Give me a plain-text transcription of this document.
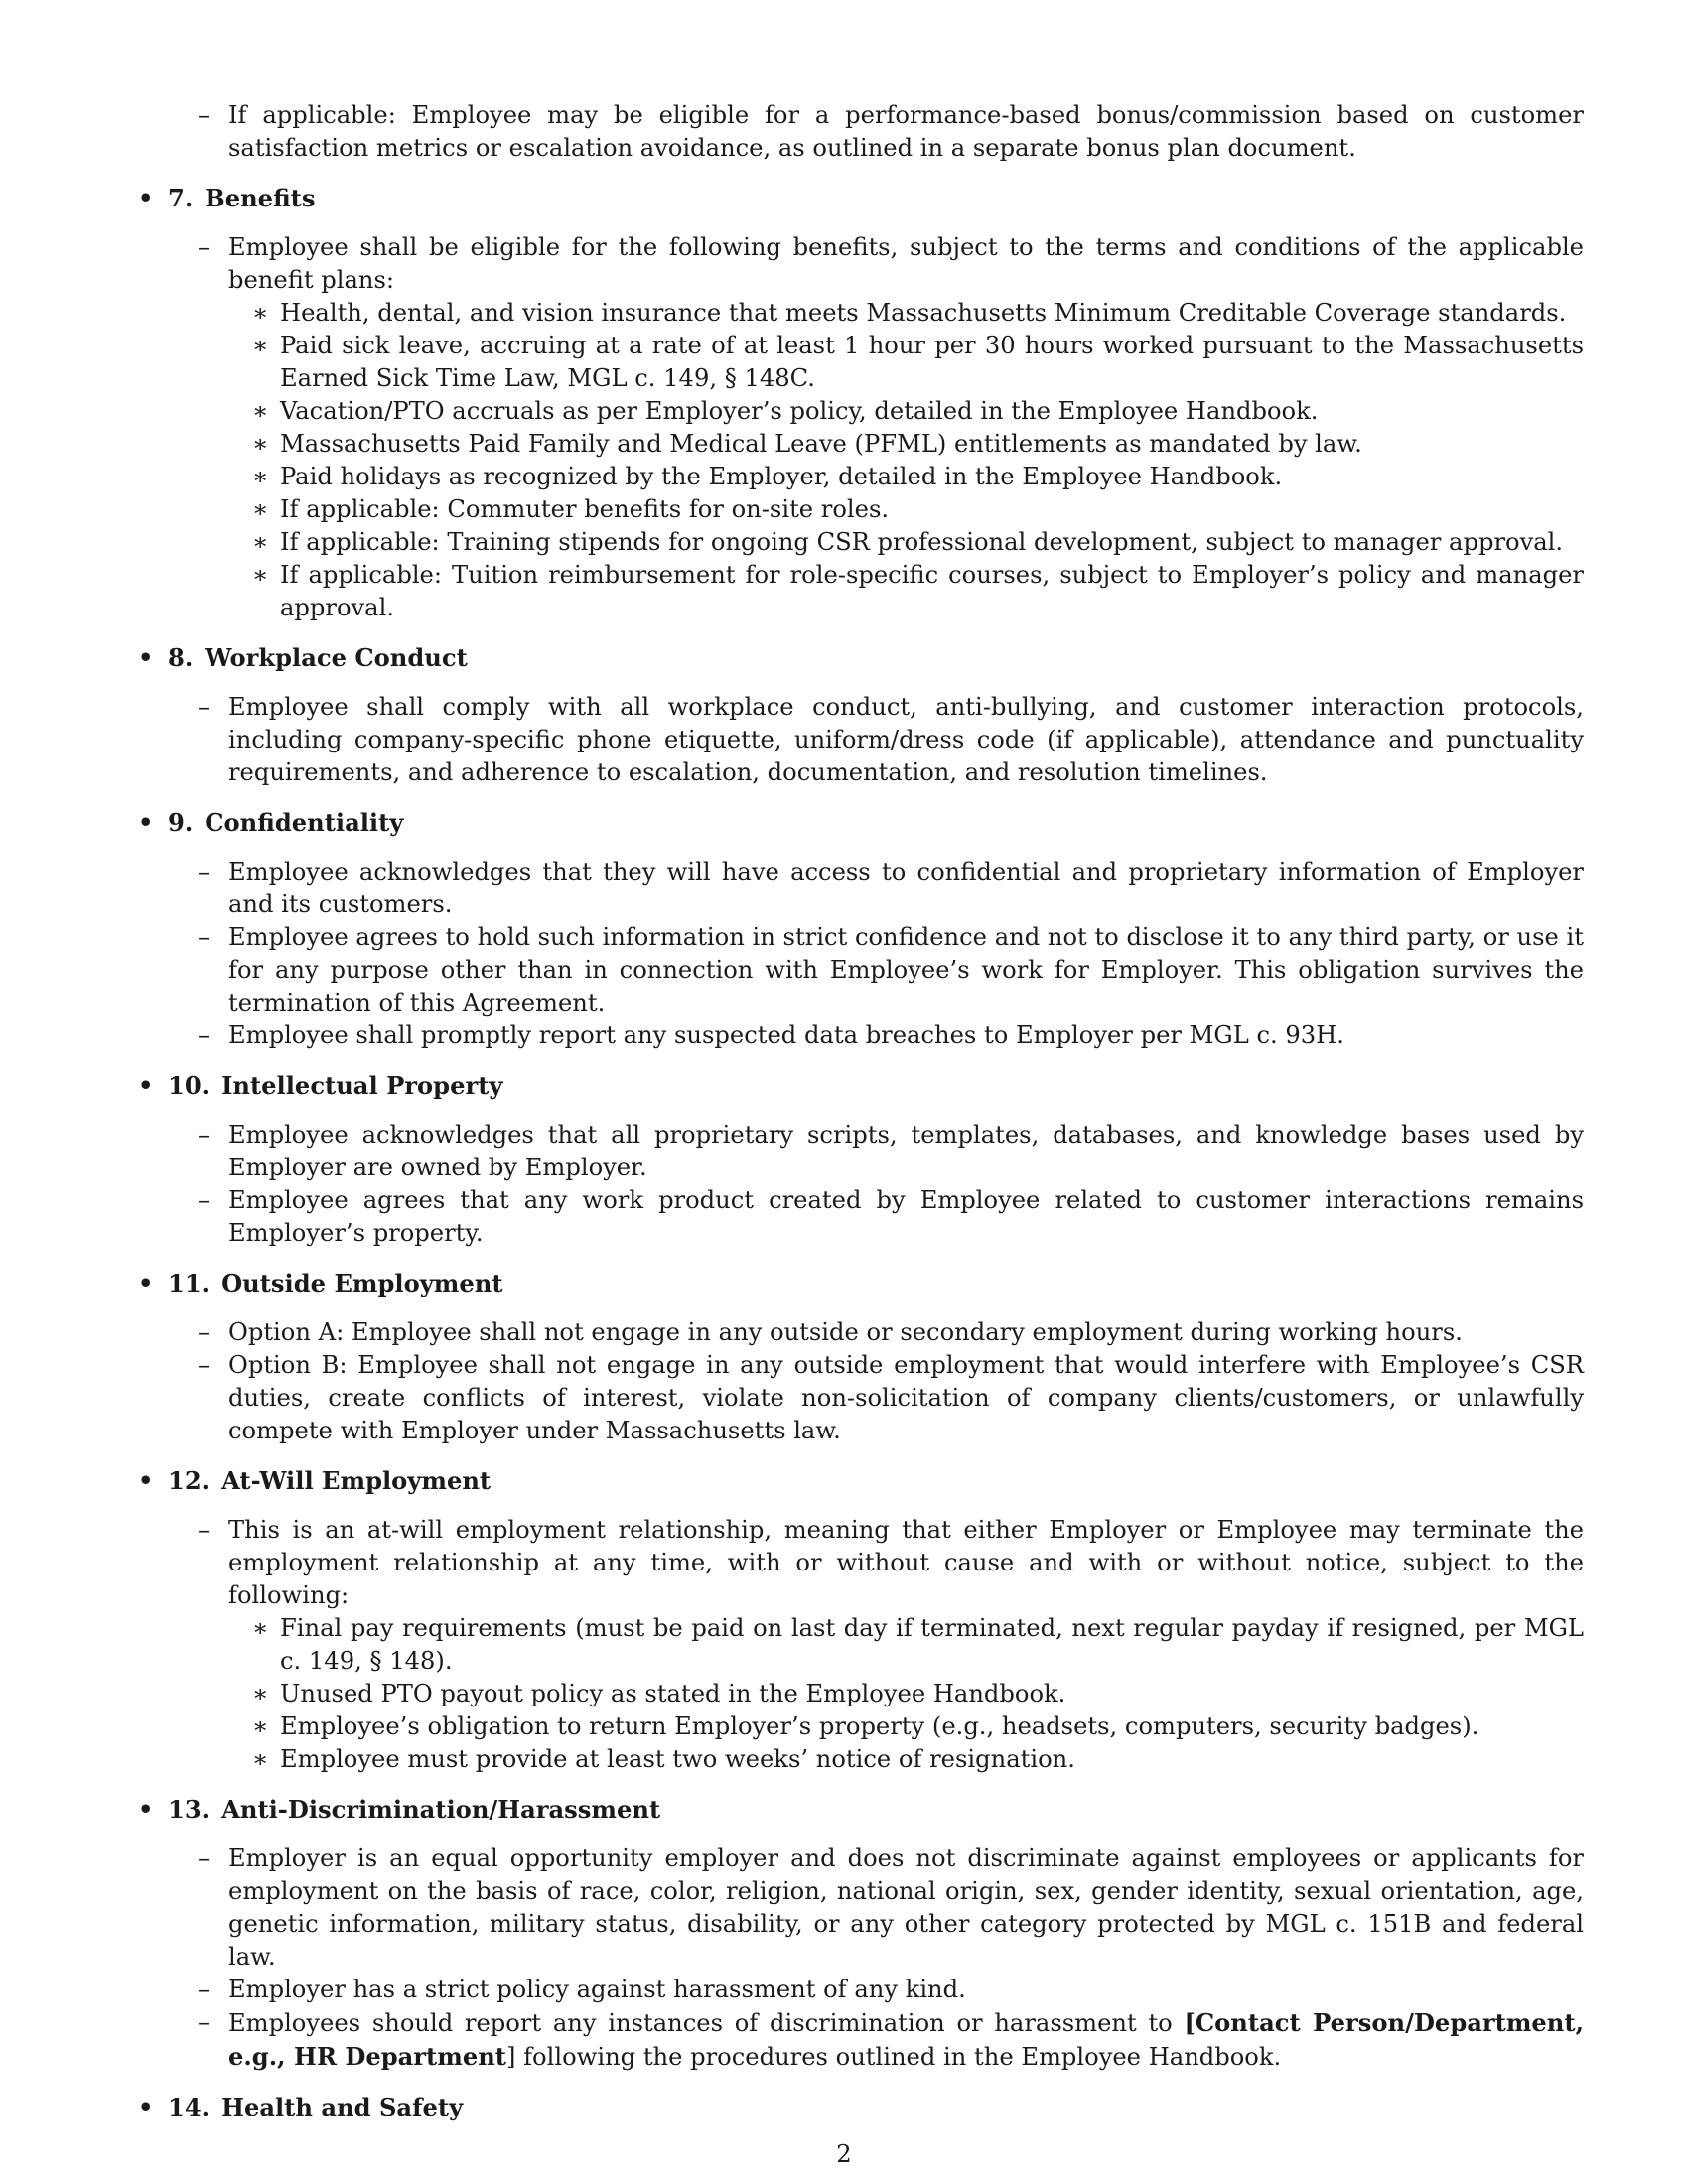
– If applicable: Employee may be eligible for a performance-based bonus/commission based on customer satisfaction metrics or escalation avoidance, as outlined in a separate bonus plan document.
• 7. Benefits
– Employee shall be eligible for the following benefits, subject to the terms and conditions of the applicable benefit plans:
∗ Health, dental, and vision insurance that meets Massachusetts Minimum Creditable Coverage standards.
∗ Paid sick leave, accruing at a rate of at least 1 hour per 30 hours worked pursuant to the Massachusetts Earned Sick Time Law, MGL c. 149, § 148C.
∗ Vacation/PTO accruals as per Employer’s policy, detailed in the Employee Handbook.
∗ Massachusetts Paid Family and Medical Leave (PFML) entitlements as mandated by law.
∗ Paid holidays as recognized by the Employer, detailed in the Employee Handbook.
∗ If applicable: Commuter benefits for on-site roles.
∗ If applicable: Training stipends for ongoing CSR professional development, subject to manager approval.
∗ If applicable: Tuition reimbursement for role-specific courses, subject to Employer’s policy and manager approval.
• 8. Workplace Conduct
– Employee shall comply with all workplace conduct, anti-bullying, and customer interaction protocols, including company-specific phone etiquette, uniform/dress code (if applicable), attendance and punctuality requirements, and adherence to escalation, documentation, and resolution timelines.
• 9. Confidentiality
– Employee acknowledges that they will have access to confidential and proprietary information of Employer and its customers.
– Employee agrees to hold such information in strict confidence and not to disclose it to any third party, or use it for any purpose other than in connection with Employee’s work for Employer. This obligation survives the termination of this Agreement.
– Employee shall promptly report any suspected data breaches to Employer per MGL c. 93H.
• 10. Intellectual Property
– Employee acknowledges that all proprietary scripts, templates, databases, and knowledge bases used by Employer are owned by Employer.
– Employee agrees that any work product created by Employee related to customer interactions remains Employer’s property.
• 11. Outside Employment
– Option A: Employee shall not engage in any outside or secondary employment during working hours.
– Option B: Employee shall not engage in any outside employment that would interfere with Employee’s CSR duties, create conflicts of interest, violate non-solicitation of company clients/customers, or unlawfully compete with Employer under Massachusetts law.
• 12. At-Will Employment
– This is an at-will employment relationship, meaning that either Employer or Employee may terminate the employment relationship at any time, with or without cause and with or without notice, subject to the following:
∗ Final pay requirements (must be paid on last day if terminated, next regular payday if resigned, per MGL c. 149, § 148).
∗ Unused PTO payout policy as stated in the Employee Handbook.
∗ Employee’s obligation to return Employer’s property (e.g., headsets, computers, security badges).
∗ Employee must provide at least two weeks’ notice of resignation.
• 13. Anti-Discrimination/Harassment
– Employer is an equal opportunity employer and does not discriminate against employees or applicants for employment on the basis of race, color, religion, national origin, sex, gender identity, sexual orientation, age, genetic information, military status, disability, or any other category protected by MGL c. 151B and federal law.
– Employer has a strict policy against harassment of any kind.
– Employees should report any instances of discrimination or harassment to [Contact Person/Department, e.g., HR Department] following the procedures outlined in the Employee Handbook.
• 14. Health and Safety
2
